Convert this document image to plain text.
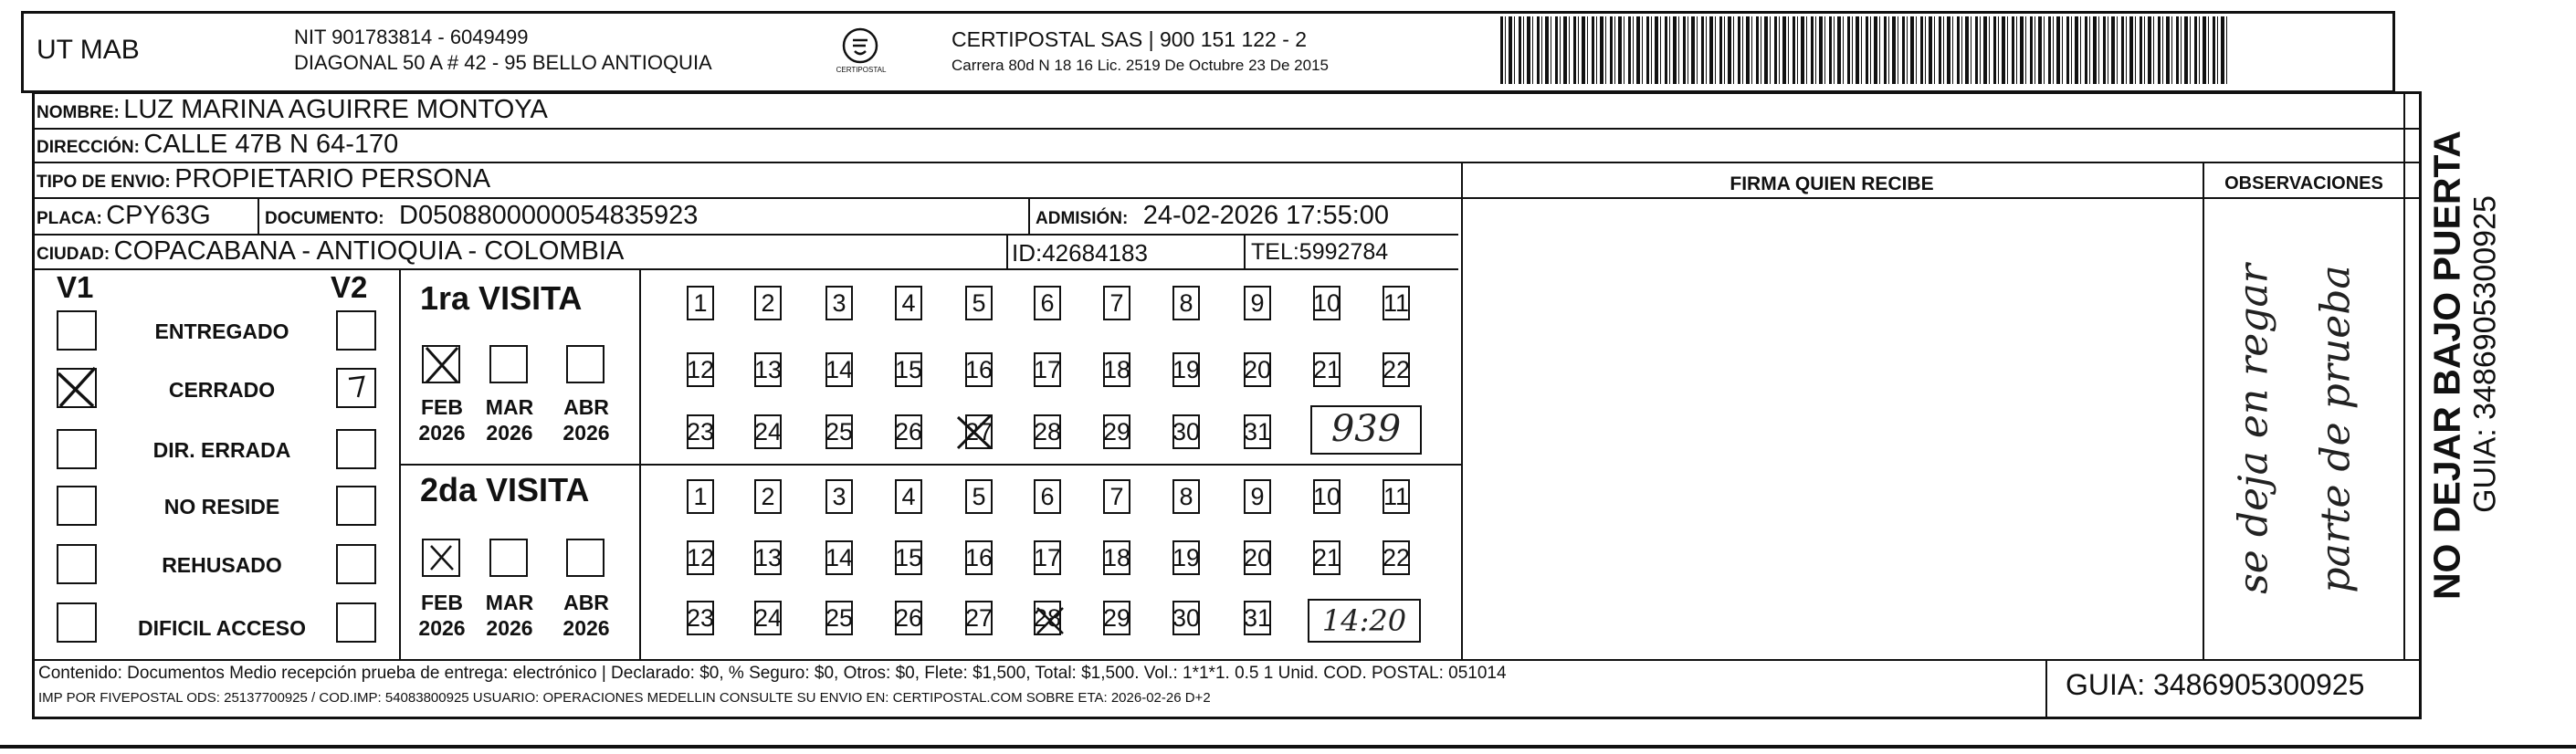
UT MAB	NIT 901783814 - 6049499
DIAGONAL 50 A # 42 - 95 BELLO ANTIOQUIA	CERTIPOSTAL
CERTIPOSTAL SAS | 900 151 122 - 2
Carrera 80d N 18 16 Lic. 2519 De Octubre 23 De 2015
NOMBRE: LUZ MARINA AGUIRRE MONTOYA
DIRECCIÓN: CALLE 47B N 64-170
TIPO DE ENVIO: PROPIETARIO PERSONA
PLACA: CPY63G	DOCUMENTO: D0508800000054835923	ADMISIÓN: 24-02-2026 17:55:00
CIUDAD: COPACABANA - ANTIOQUIA - COLOMBIA	ID:42684183	TEL:5992784
FIRMA QUIEN RECIBE	OBSERVACIONES
V1	V2
ENTREGADO
CERRADO
DIR. ERRADA
NO RESIDE
REHUSADO
DIFICIL ACCESO
1ra VISITA
FEB
2026
MAR
2026
ABR
2026
1 2 3 4 5 6 7 8 9 10 11
12 13 14 15 16 17 18 19 20 21 22
23 24 25 26 27 28 29 30 31	939
2da VISITA
FEB
2026
MAR
2026
ABR
2026
1 2 3 4 5 6 7 8 9 10 11
12 13 14 15 16 17 18 19 20 21 22
23 24 25 26 27 28 29 30 31	14:20
se deja en regar parte de prueba NO DEJAR BAJO PUERTA GUIA: 3486905300925
Contenido: Documentos Medio recepción prueba de entrega: electrónico | Declarado: $0, % Seguro: $0, Otros: $0, Flete: $1,500, Total: $1,500. Vol.: 1*1*1. 0.5 1 Unid. COD. POSTAL: 051014
IMP POR FIVEPOSTAL ODS: 25137700925 / COD.IMP: 54083800925 USUARIO: OPERACIONES MEDELLIN CONSULTE SU ENVIO EN: CERTIPOSTAL.COM SOBRE ETA: 2026-02-26 D+2	GUIA: 3486905300925
